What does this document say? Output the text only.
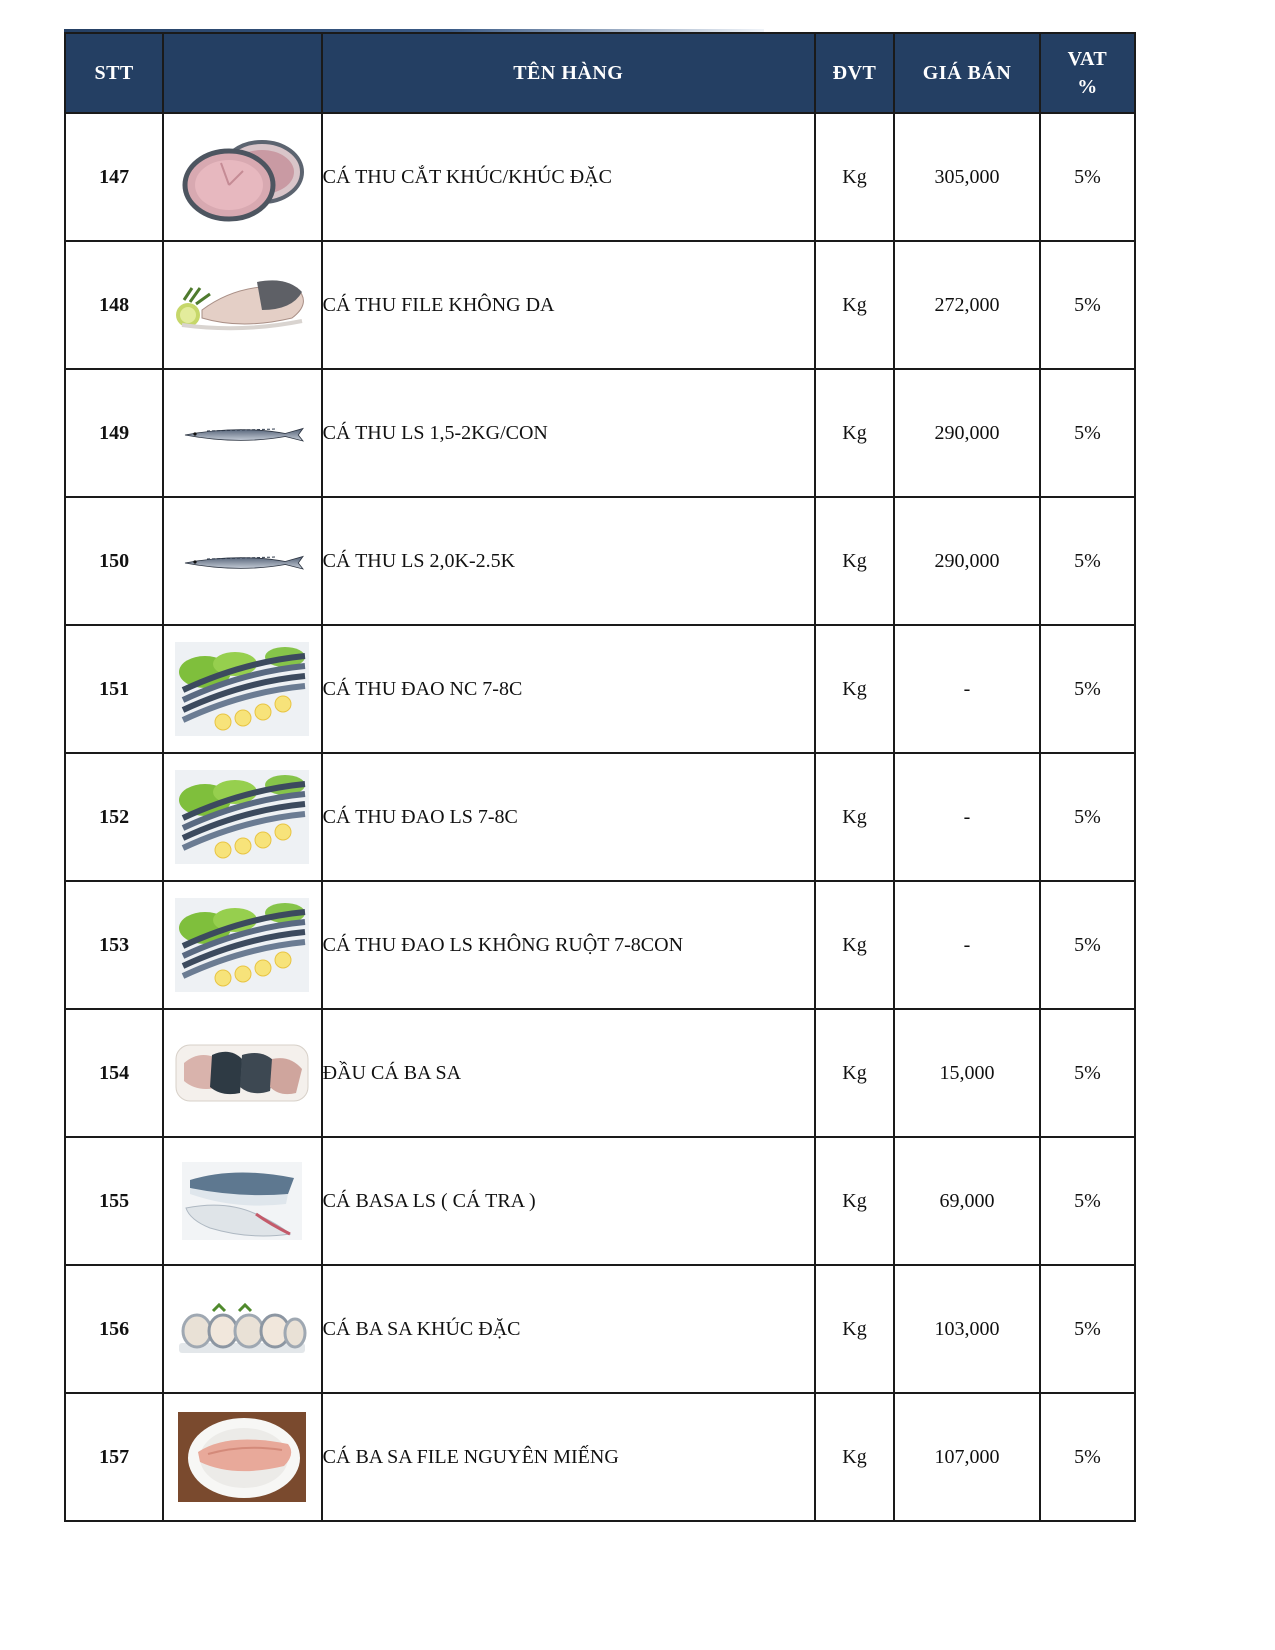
STT		TÊN HÀNG	ĐVT	GIÁ BÁN	VAT
%
147		CÁ THU CẮT KHÚC/KHÚC ĐẶC	Kg	305,000	5%
148		CÁ THU FILE KHÔNG DA	Kg	272,000	5%
149		CÁ THU LS 1,5-2KG/CON	Kg	290,000	5%
150		CÁ THU LS 2,0K-2.5K	Kg	290,000	5%
151		CÁ THU ĐAO NC 7-8C	Kg	-	5%
152		CÁ THU ĐAO LS 7-8C	Kg	-	5%
153		CÁ THU ĐAO LS KHÔNG RUỘT 7-8CON	Kg	-	5%
154		ĐẦU CÁ BA SA	Kg	15,000	5%
155		CÁ BASA LS ( CÁ TRA )	Kg	69,000	5%
156		CÁ BA SA KHÚC ĐẶC	Kg	103,000	5%
157		CÁ BA SA FILE NGUYÊN MIẾNG	Kg	107,000	5%
